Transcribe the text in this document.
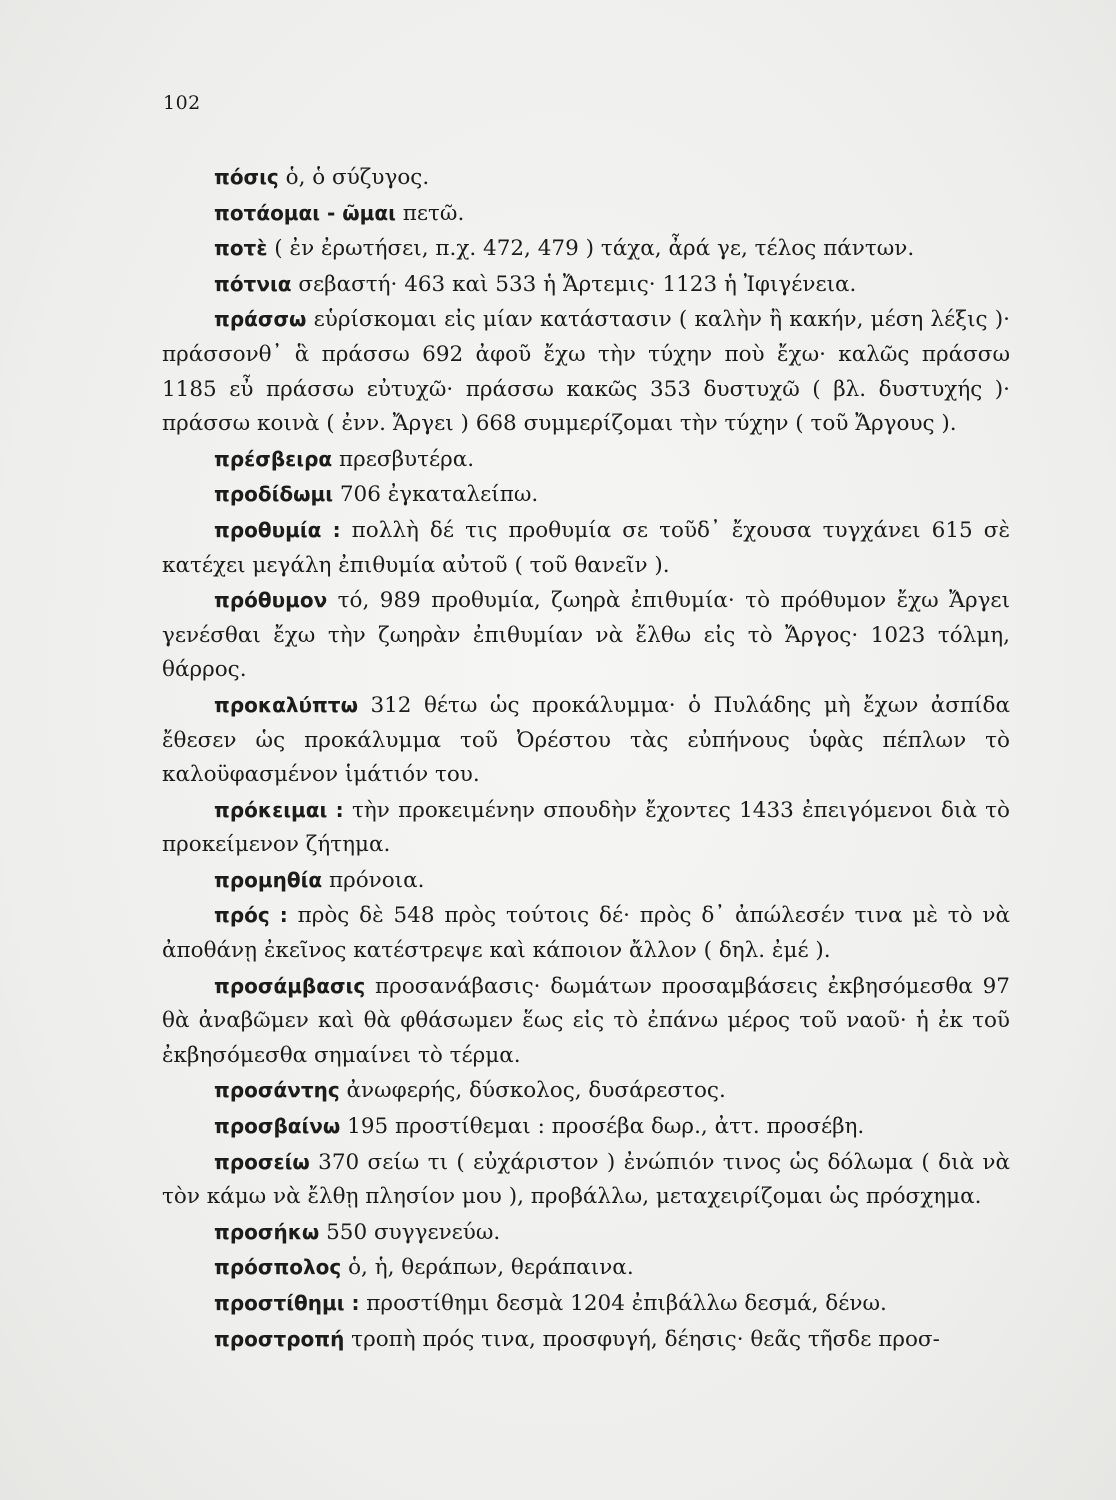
102

πόσις ὁ, ὁ σύζυγος.

ποτάομαι - ῶμαι πετῶ.

ποτὲ ( ἐν ἐρωτήσει, π.χ. 472, 479 ) τάχα, ἆρά γε, τέλος πάντων.

πότνια σεβαστή· 463 καὶ 533 ἡ Ἄρτεμις· 1123 ἡ Ἰφιγένεια.

πράσσω εὑρίσκομαι εἰς μίαν κατάστασιν ( καλὴν ἢ κακήν, μέση λέξις )· πράσσονθ᾽ ἃ πράσσω 692 ἀφοῦ ἔχω τὴν τύχην ποὺ ἔχω· καλῶς πράσσω 1185 εὖ πράσσω εὐτυχῶ· πράσσω κακῶς 353 δυστυχῶ ( βλ. δυστυχής )· πράσσω κοινὰ ( ἐνν. Ἄργει ) 668 συμμερίζομαι τὴν τύχην ( τοῦ Ἄργους ).

πρέσβειρα πρεσβυτέρα.

προδίδωμι 706 ἐγκαταλείπω.

προθυμία : πολλὴ δέ τις προθυμία σε τοῦδ᾽ ἔχουσα τυγχάνει 615 σὲ κατέχει μεγάλη ἐπιθυμία αὐτοῦ ( τοῦ θανεῖν ).

πρόθυμον τό, 989 προθυμία, ζωηρὰ ἐπιθυμία· τὸ πρόθυμον ἔχω Ἄργει γενέσθαι ἔχω τὴν ζωηρὰν ἐπιθυμίαν νὰ ἔλθω εἰς τὸ Ἄργος· 1023 τόλμη, θάρρος.

προκαλύπτω 312 θέτω ὡς προκάλυμμα· ὁ Πυλάδης μὴ ἔχων ἀσπίδα ἔθεσεν ὡς προκάλυμμα τοῦ Ὀρέστου τὰς εὐπήνους ὑφὰς πέπλων τὸ καλοϋφασμένον ἱμάτιόν του.

πρόκειμαι : τὴν προκειμένην σπουδὴν ἔχοντες 1433 ἐπειγόμενοι διὰ τὸ προκείμενον ζήτημα.

προμηθία πρόνοια.

πρός : πρὸς δὲ 548 πρὸς τούτοις δέ· πρὸς δ᾽ ἀπώλεσέν τινα μὲ τὸ νὰ ἀποθάνῃ ἐκεῖνος κατέστρεψε καὶ κάποιον ἄλλον ( δηλ. ἐμέ ).

προσάμβασις προσανάβασις· δωμάτων προσαμβάσεις ἐκβησόμεσθα 97 θὰ ἀναβῶμεν καὶ θὰ φθάσωμεν ἕως εἰς τὸ ἐπάνω μέρος τοῦ ναοῦ· ἡ ἐκ τοῦ ἐκβησόμεσθα σημαίνει τὸ τέρμα.

προσάντης ἀνωφερής, δύσκολος, δυσάρεστος.

προσβαίνω 195 προστίθεμαι : προσέβα δωρ., ἀττ. προσέβη.

προσείω 370 σείω τι ( εὐχάριστον ) ἐνώπιόν τινος ὡς δόλωμα ( διὰ νὰ τὸν κάμω νὰ ἔλθῃ πλησίον μου ), προβάλλω, μεταχειρίζομαι ὡς πρόσχημα.

προσήκω 550 συγγενεύω.

πρόσπολος ὁ, ἡ, θεράπων, θεράπαινα.

προστίθημι : προστίθημι δεσμὰ 1204 ἐπιβάλλω δεσμά, δένω.

προστροπή τροπὴ πρός τινα, προσφυγή, δέησις· θεᾶς τῆσδε προσ-
